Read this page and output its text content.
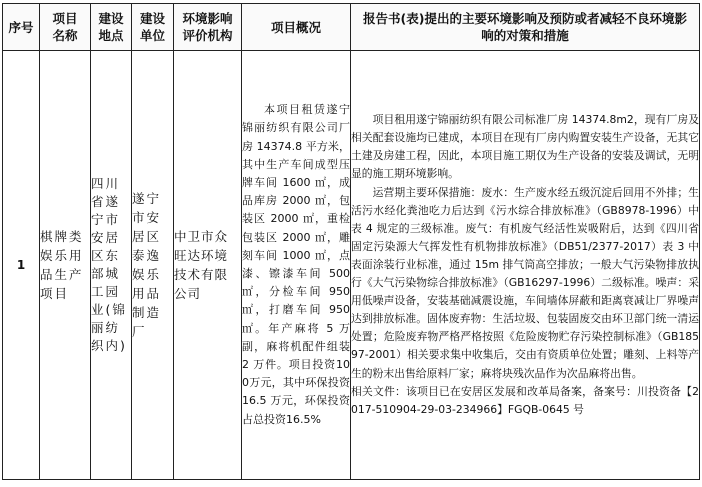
序号	项目名称	建设地点	建设单位	环境影响评价机构	项目概况	报告书(表)提出的主要环境影响及预防或者减轻不良环境影响的对策和措施
1	棋牌类娱乐用品生产项目	四川省遂宁市安居区东部城工园业(锦丽纺织内)	遂宁市安居区泰逸娱乐用品制造厂	中卫市众旺达环境技术有限公司	本项目租赁遂宁锦丽纺织有限公司厂房 14374.8 平方米，其中生产车间成型压牌车间 1600 ㎡，成品库房 2000 ㎡，包装区 2000 ㎡，重检包装区 2000 ㎡，雕刻车间 1000 ㎡，点漆、镲漆车间 500 ㎡，分检车间 950 ㎡，打磨车间 950 ㎡。年产麻将 5 万副，麻将机配件组装 2 万件。项目投资100万元，其中环保投资 16.5 万元，环保投资占总投资16.5%	项目租用遂宁锦丽纺织有限公司标准厂房 14374.8m2，现有厂房及相关配套设施均已建成，本项目在现有厂房内购置安装生产设备，无其它土建及房建工程，因此，本项目施工期仅为生产设备的安装及调试，无明显的施工期环境影响。

运营期主要环保措施：废水：生产废水经五级沉淀后回用不外排；生活污水经化粪池吃力后达到《污水综合排放标准》（GB8978-1996）中表 4 规定的三级标准。废气：有机废气经活性炭吸附后，达到《四川省固定污染源大气挥发性有机物排放标准》（DB51/2377-2017）表 3 中表面涂装行业标准，通过 15m 排气筒高空排放；一般大气污染物排放执行《大气污染物综合排放标准》（GB16297-1996）二级标准。噪声：采用低噪声设备，安装基础减震设施，车间墙体屏蔽和距离衰减让厂界噪声达到排放标准。固体废弃物：生活垃圾、包装固废交由环卫部门统一清运处置；危险废弃物严格严格按照《危险废物贮存污染控制标准》（GB18597-2001）相关要求集中收集后，交由有资质单位处置；雕刻、上料等产生的粉末出售给原料厂家；麻将块残次品作为次品麻将出售。

相关文件：该项目已在安居区发展和改革局备案，备案号：川投资备【2017-510904-29-03-234966】FGQB-0645 号
